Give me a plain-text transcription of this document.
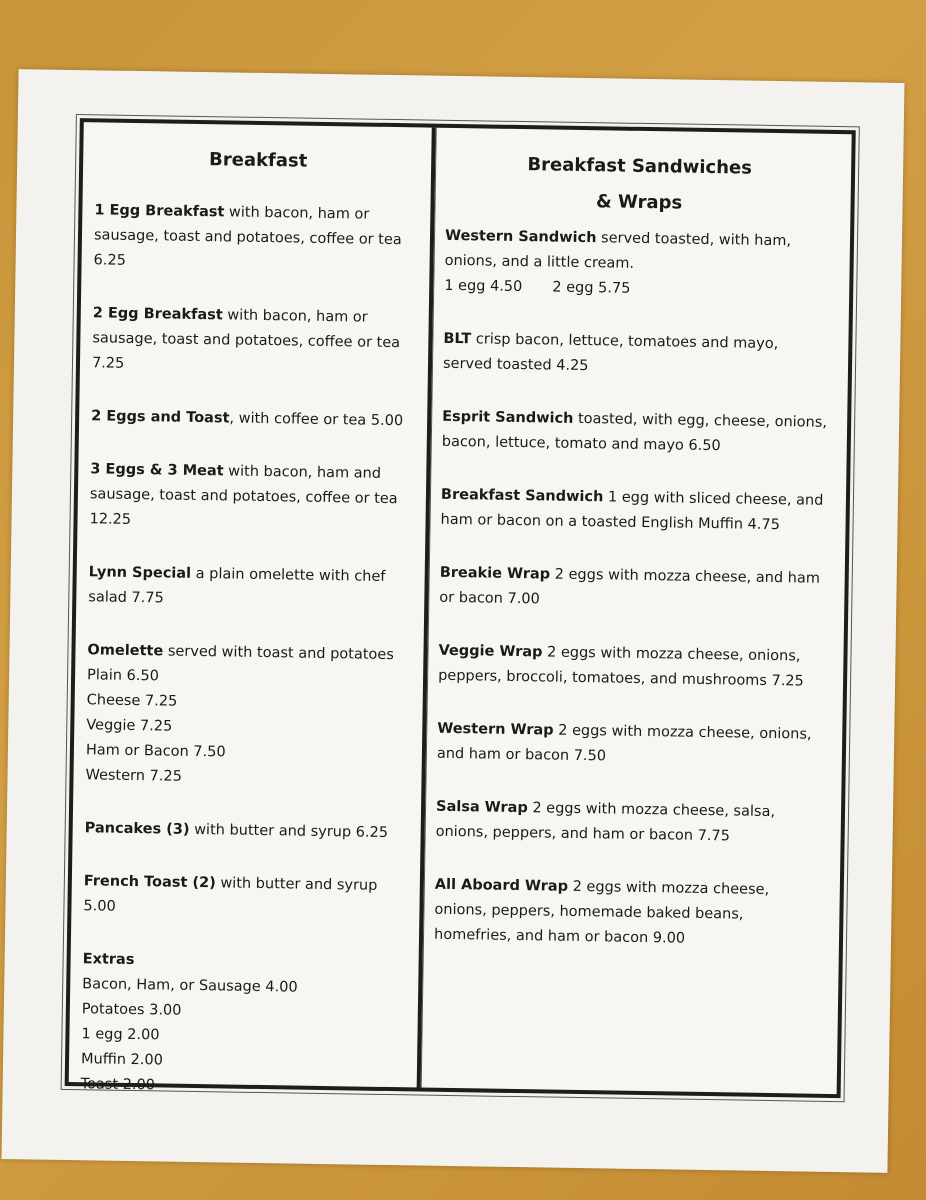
Breakfast
1 Egg Breakfast with bacon, ham or sausage, toast and potatoes, coffee or tea 6.25
2 Egg Breakfast with bacon, ham or sausage, toast and potatoes, coffee or tea 7.25
2 Eggs and Toast, with coffee or tea 5.00
3 Eggs & 3 Meat with bacon, ham and sausage, toast and potatoes, coffee or tea 12.25
Lynn Special a plain omelette with chef salad 7.75
Omelette served with toast and potatoes
Plain 6.50
Cheese 7.25
Veggie 7.25
Ham or Bacon 7.50
Western 7.25
Pancakes (3) with butter and syrup 6.25
French Toast (2) with butter and syrup 5.00
Extras
Bacon, Ham, or Sausage 4.00
Potatoes 3.00
1 egg 2.00
Muffin 2.00
Toast 2.00
Breakfast Sandwiches
& Wraps
Western Sandwich served toasted, with ham, onions, and a little cream.
1 egg 4.50 2 egg 5.75
BLT crisp bacon, lettuce, tomatoes and mayo, served toasted 4.25
Esprit Sandwich toasted, with egg, cheese, onions, bacon, lettuce, tomato and mayo 6.50
Breakfast Sandwich 1 egg with sliced cheese, and ham or bacon on a toasted English Muffin 4.75
Breakie Wrap 2 eggs with mozza cheese, and ham or bacon 7.00
Veggie Wrap 2 eggs with mozza cheese, onions, peppers, broccoli, tomatoes, and mushrooms 7.25
Western Wrap 2 eggs with mozza cheese, onions, and ham or bacon 7.50
Salsa Wrap 2 eggs with mozza cheese, salsa, onions, peppers, and ham or bacon 7.75
All Aboard Wrap 2 eggs with mozza cheese, onions, peppers, homemade baked beans, homefries, and ham or bacon 9.00
